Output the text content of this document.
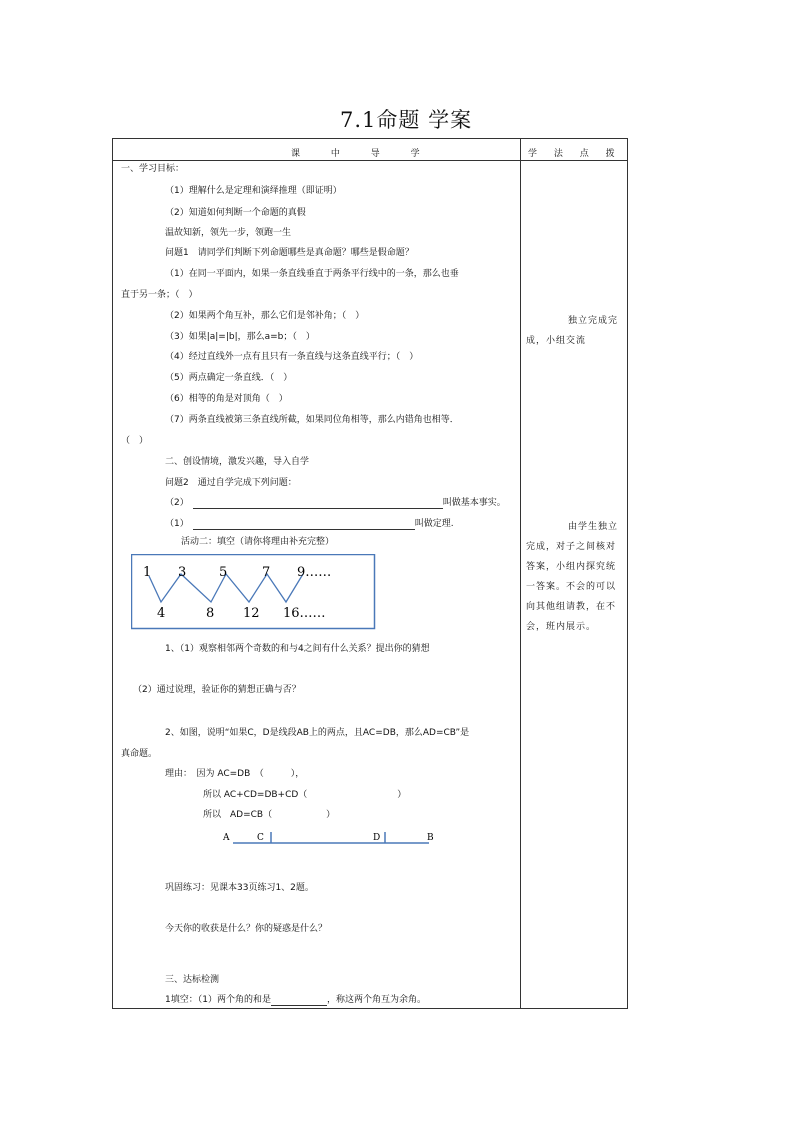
7.1命题 学案
课 中 导 学	学 法 点 拨
一、学习目标：
（1）理解什么是定理和演绎推理（即证明）
（2）知道如何判断一个命题的真假
温故知新，领先一步，领跑一生
问题1　请同学们判断下列命题哪些是真命题？哪些是假命题？
（1）在同一平面内，如果一条直线垂直于两条平行线中的一条，那么也垂
直于另一条；（　）
（2）如果两个角互补，那么它们是邻补角；（　）
（3）如果|a|=|b|，那么a=b；（　）
（4）经过直线外一点有且只有一条直线与这条直线平行；（　）
（5）两点确定一条直线．（　）
（6）相等的角是对顶角（　）
（7）两条直线被第三条直线所截，如果同位角相等，那么内错角也相等．
（　）
二、创设情境，激发兴趣，导入自学
问题2　通过自学完成下列问题：
（2）	叫做基本事实。
（1）	叫做定理.
活动二：填空（请你将理由补充完整）
1 3	5	7 9……
4	8 12 16……
1、（1）观察相邻两个奇数的和与4之间有什么关系？提出你的猜想
（2）通过说理，验证你的猜想正确与否？
2、如图，说明“如果C，D是线段AB上的两点，且AC=DB，那么AD=CB”是
真命题。
理由：　因为 AC=DB　（　　　），
所以 AC+CD=DB+CD（　　　　　　　　　　）
所以　AD=CB（　　　　　　）
A	C	D	B
巩固练习：见课本33页练习1、2题。
今天你的收获是什么？你的疑惑是什么？
三、达标检测
1填空：（1）两个角的和是	，称这两个角互为余角。
独立完成完成，小组交流
由学生独立完成，对子之间核对答案，小组内探究统一答案。不会的可以向其他组请教，在不会，班内展示。
